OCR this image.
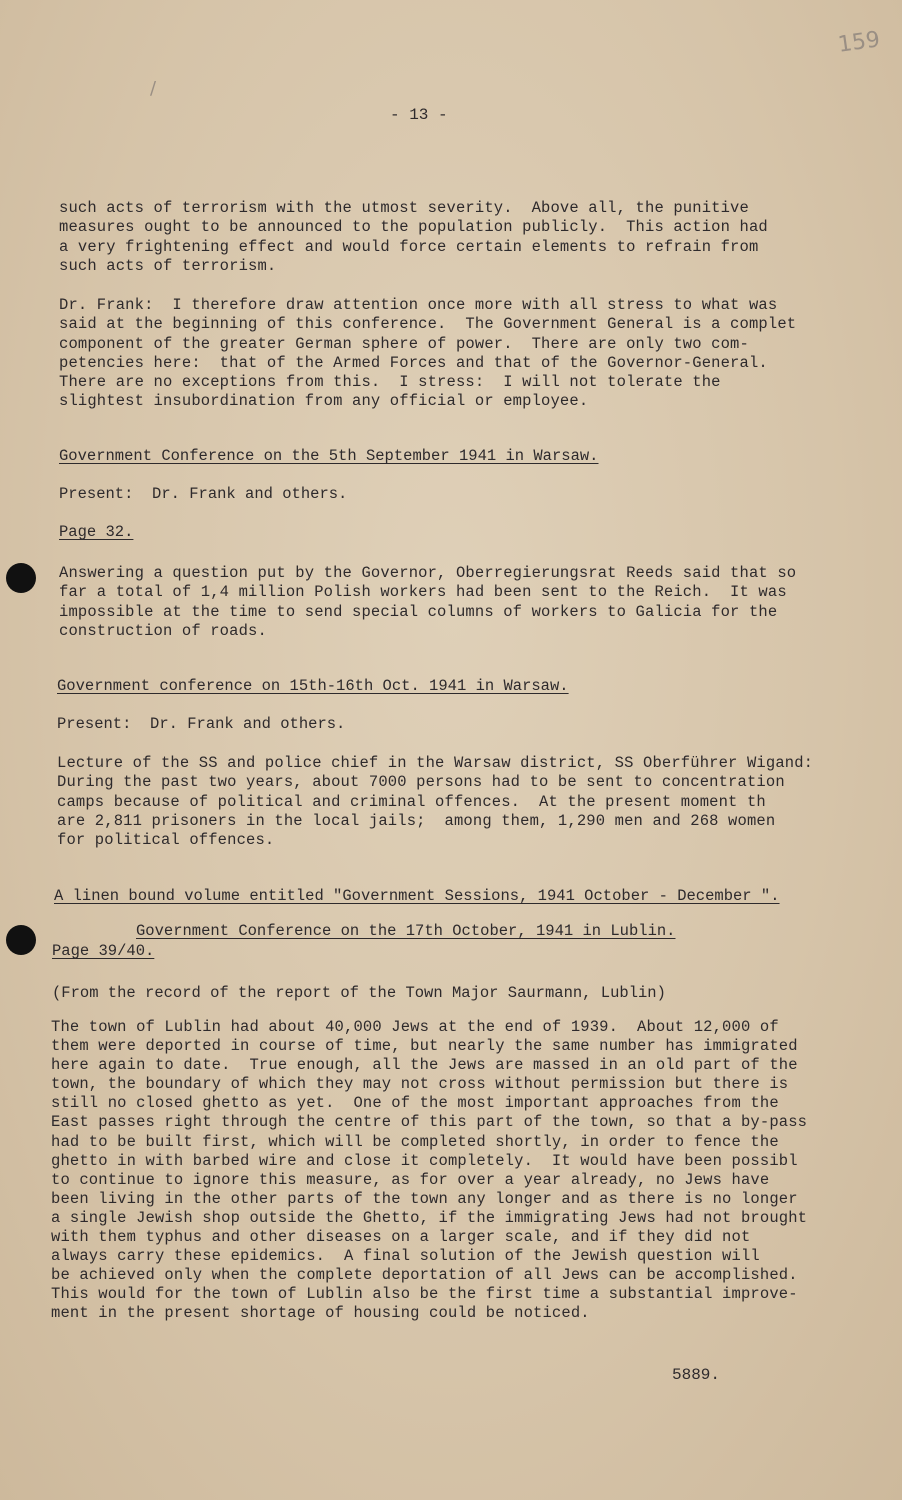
159
/
- 13 -
such acts of terrorism with the utmost severity.  Above all, the punitive
measures ought to be announced to the population publicly.  This action had
a very frightening effect and would force certain elements to refrain from
such acts of terrorism.
Dr. Frank:  I therefore draw attention once more with all stress to what was
said at the beginning of this conference.  The Government General is a complet
component of the greater German sphere of power.  There are only two com-
petencies here:  that of the Armed Forces and that of the Governor-General.
There are no exceptions from this.  I stress:  I will not tolerate the
slightest insubordination from any official or employee.
Government Conference on the 5th September 1941 in Warsaw.
Present:  Dr. Frank and others.
Page 32.
Answering a question put by the Governor, Oberregierungsrat Reeds said that so
far a total of 1,4 million Polish workers had been sent to the Reich.  It was
impossible at the time to send special columns of workers to Galicia for the
construction of roads.
Government conference on 15th-16th Oct. 1941 in Warsaw.
Present:  Dr. Frank and others.
Lecture of the SS and police chief in the Warsaw district, SS Oberführer Wigand:
During the past two years, about 7000 persons had to be sent to concentration
camps because of political and criminal offences.  At the present moment th
are 2,811 prisoners in the local jails;  among them, 1,290 men and 268 women
for political offences.
A linen bound volume entitled "Government Sessions, 1941 October - December ".
Government Conference on the 17th October, 1941 in Lublin.
Page 39/40.
(From the record of the report of the Town Major Saurmann, Lublin)
The town of Lublin had about 40,000 Jews at the end of 1939.  About 12,000 of
them were deported in course of time, but nearly the same number has immigrated
here again to date.  True enough, all the Jews are massed in an old part of the
town, the boundary of which they may not cross without permission but there is
still no closed ghetto as yet.  One of the most important approaches from the
East passes right through the centre of this part of the town, so that a by-pass
had to be built first, which will be completed shortly, in order to fence the
ghetto in with barbed wire and close it completely.  It would have been possibl
to continue to ignore this measure, as for over a year already, no Jews have
been living in the other parts of the town any longer and as there is no longer
a single Jewish shop outside the Ghetto, if the immigrating Jews had not brought
with them typhus and other diseases on a larger scale, and if they did not
always carry these epidemics.  A final solution of the Jewish question will
be achieved only when the complete deportation of all Jews can be accomplished.
This would for the town of Lublin also be the first time a substantial improve-
ment in the present shortage of housing could be noticed.
5889.
